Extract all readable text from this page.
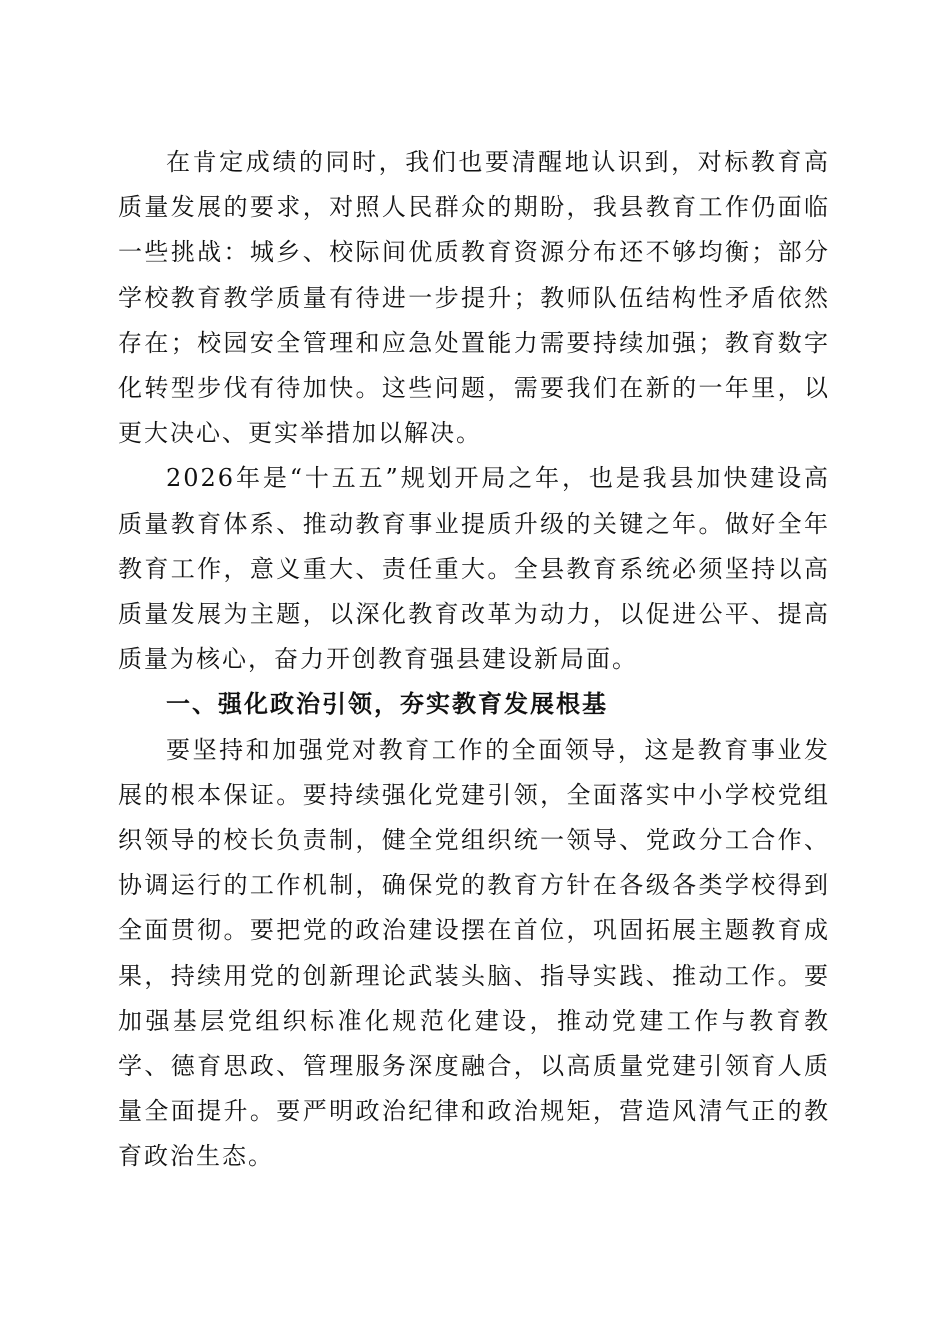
在肯定成绩的同时，我们也要清醒地认识到，对标教育高质量发展的要求，对照人民群众的期盼，我县教育工作仍面临一些挑战：城乡、校际间优质教育资源分布还不够均衡；部分学校教育教学质量有待进一步提升；教师队伍结构性矛盾依然存在；校园安全管理和应急处置能力需要持续加强；教育数字化转型步伐有待加快。这些问题，需要我们在新的一年里，以更大决心、更实举措加以解决。

2026年是“十五五”规划开局之年，也是我县加快建设高质量教育体系、推动教育事业提质升级的关键之年。做好全年教育工作，意义重大、责任重大。全县教育系统必须坚持以高质量发展为主题，以深化教育改革为动力，以促进公平、提高质量为核心，奋力开创教育强县建设新局面。

一、强化政治引领，夯实教育发展根基

要坚持和加强党对教育工作的全面领导，这是教育事业发展的根本保证。要持续强化党建引领，全面落实中小学校党组织领导的校长负责制，健全党组织统一领导、党政分工合作、协调运行的工作机制，确保党的教育方针在各级各类学校得到全面贯彻。要把党的政治建设摆在首位，巩固拓展主题教育成果，持续用党的创新理论武装头脑、指导实践、推动工作。要加强基层党组织标准化规范化建设，推动党建工作与教育教学、德育思政、管理服务深度融合，以高质量党建引领育人质量全面提升。要严明政治纪律和政治规矩，营造风清气正的教育政治生态。
